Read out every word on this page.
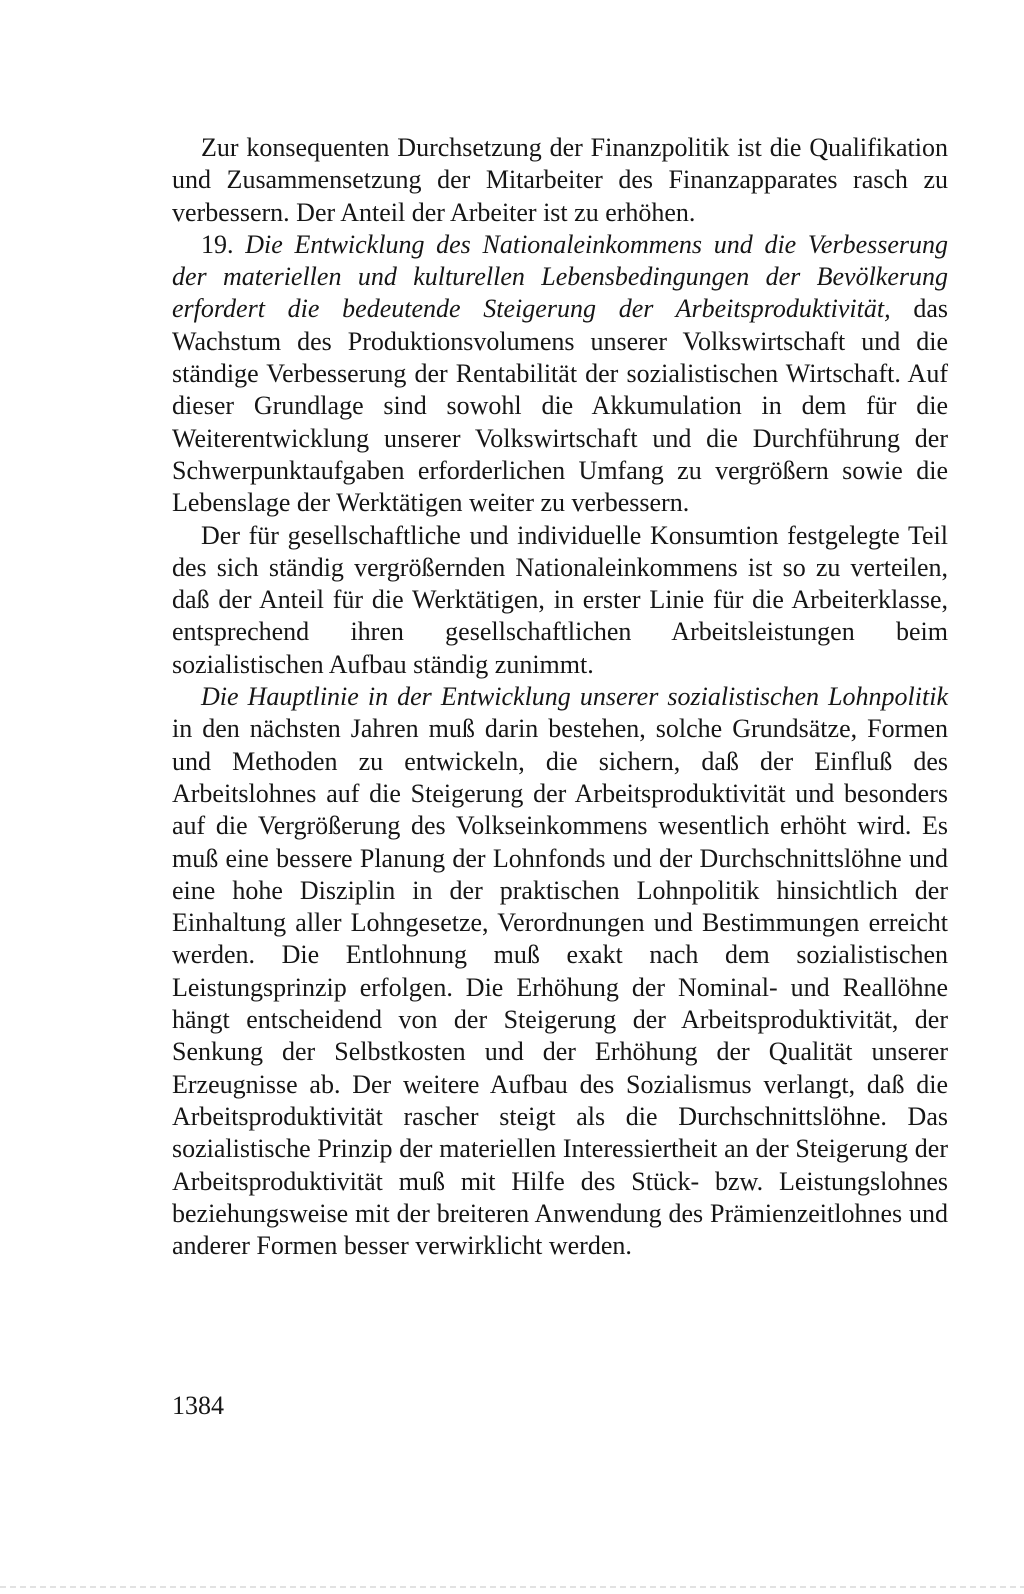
Zur konsequenten Durchsetzung der Finanzpolitik ist die Qualifikation und Zusammensetzung der Mitarbeiter des Finanzapparates rasch zu verbessern. Der Anteil der Arbeiter ist zu erhöhen.

19. Die Entwicklung des Nationaleinkommens und die Verbesserung der materiellen und kulturellen Lebensbedingungen der Bevölkerung erfordert die bedeutende Steigerung der Arbeitsproduktivität, das Wachstum des Produktionsvolumens unserer Volkswirtschaft und die ständige Verbesserung der Rentabilität der sozialistischen Wirtschaft. Auf dieser Grundlage sind sowohl die Akkumulation in dem für die Weiterentwicklung unserer Volkswirtschaft und die Durchführung der Schwerpunktaufgaben erforderlichen Umfang zu vergrößern sowie die Lebenslage der Werktätigen weiter zu verbessern.

Der für gesellschaftliche und individuelle Konsumtion festgelegte Teil des sich ständig vergrößernden Nationaleinkommens ist so zu verteilen, daß der Anteil für die Werktätigen, in erster Linie für die Arbeiterklasse, entsprechend ihren gesellschaftlichen Arbeitsleistungen beim sozialistischen Aufbau ständig zunimmt.

Die Hauptlinie in der Entwicklung unserer sozialistischen Lohnpolitik in den nächsten Jahren muß darin bestehen, solche Grundsätze, Formen und Methoden zu entwickeln, die sichern, daß der Einfluß des Arbeitslohnes auf die Steigerung der Arbeitsproduktivität und besonders auf die Vergrößerung des Volkseinkommens wesentlich erhöht wird. Es muß eine bessere Planung der Lohnfonds und der Durchschnittslöhne und eine hohe Disziplin in der praktischen Lohnpolitik hinsichtlich der Einhaltung aller Lohngesetze, Verordnungen und Bestimmungen erreicht werden. Die Entlohnung muß exakt nach dem sozialistischen Leistungsprinzip erfolgen. Die Erhöhung der Nominal- und Reallöhne hängt entscheidend von der Steigerung der Arbeitsproduktivität, der Senkung der Selbstkosten und der Erhöhung der Qualität unserer Erzeugnisse ab. Der weitere Aufbau des Sozialismus verlangt, daß die Arbeitsproduktivität rascher steigt als die Durchschnittslöhne. Das sozialistische Prinzip der materiellen Interessiertheit an der Steigerung der Arbeitsproduktivität muß mit Hilfe des Stück- bzw. Leistungslohnes beziehungsweise mit der breiteren Anwendung des Prämienzeitlohnes und anderer Formen besser verwirklicht werden.

1384
